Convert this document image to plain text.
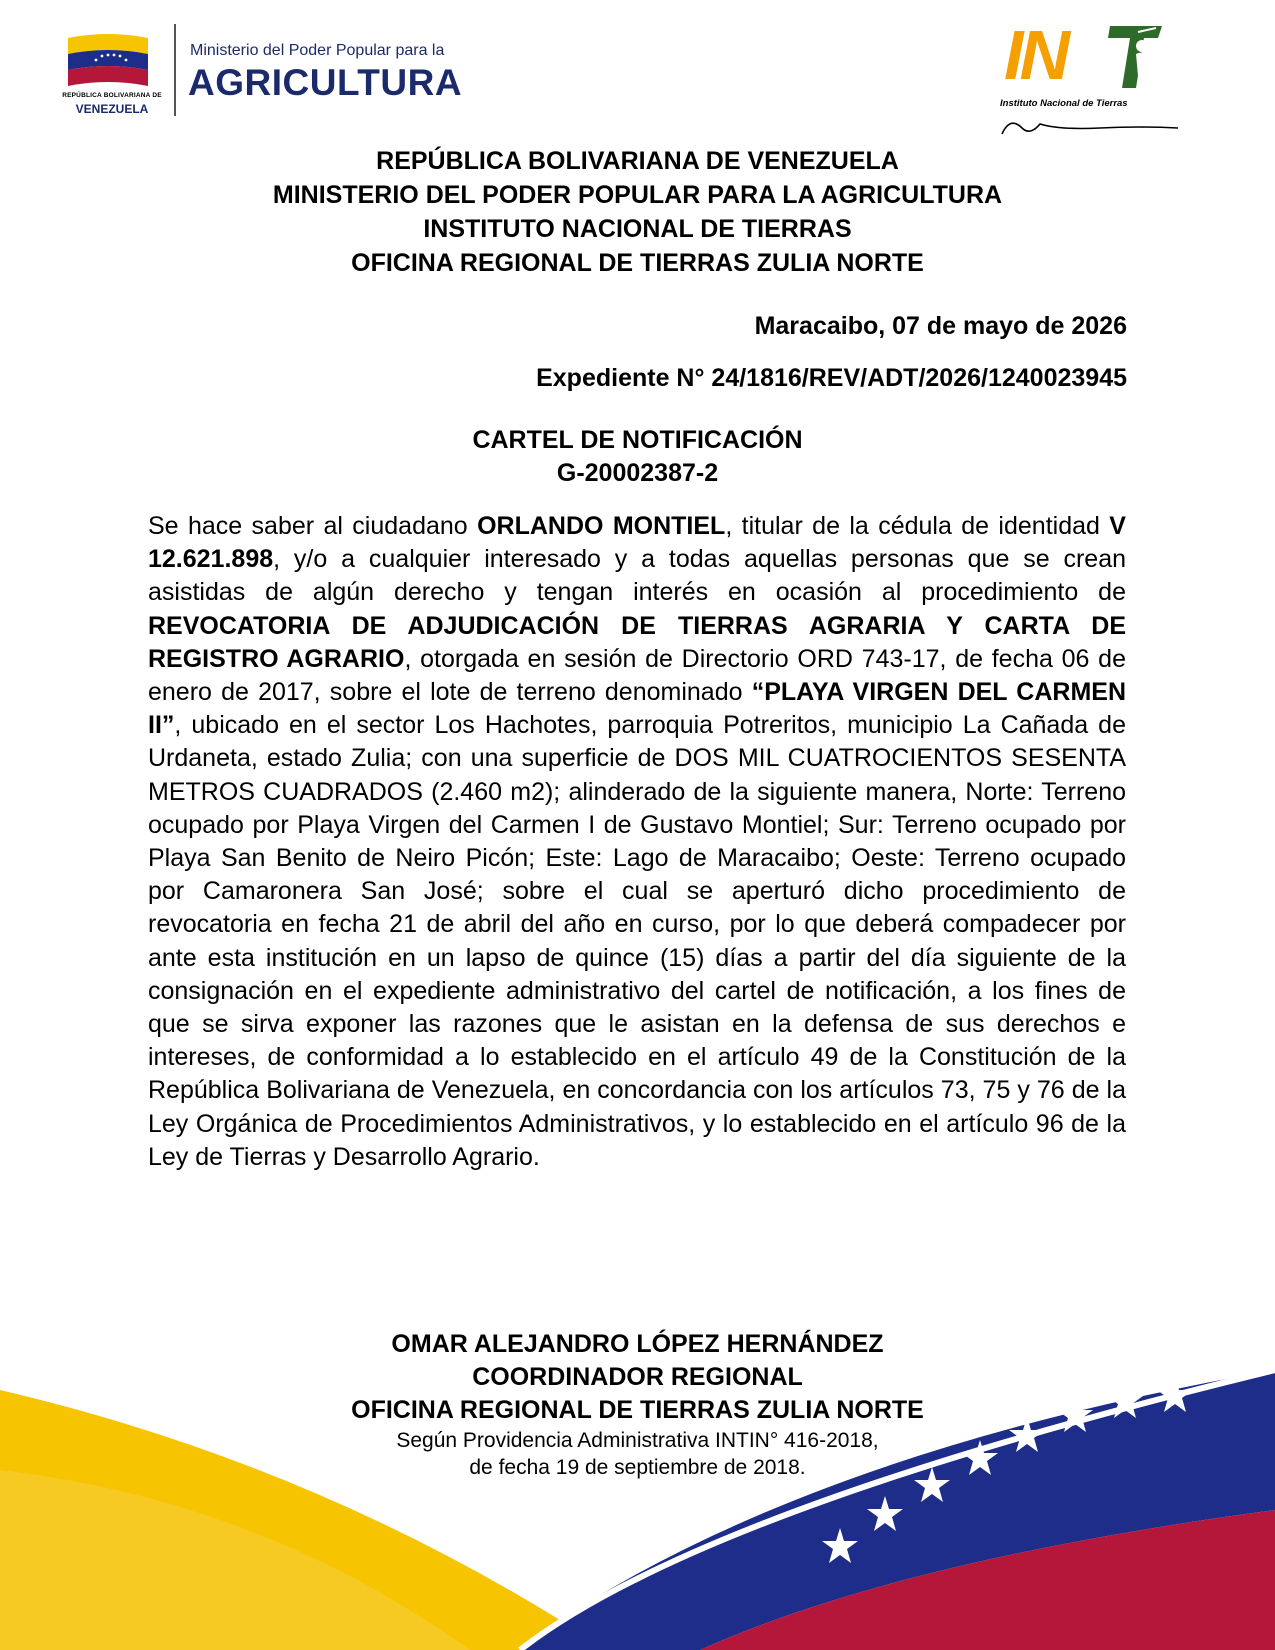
REPÚBLICA BOLIVARIANA DE
VENEZUELA
Ministerio del Poder Popular para la
AGRICULTURA	IN
Instituto Nacional de Tierras
REPÚBLICA BOLIVARIANA DE VENEZUELA
MINISTERIO DEL PODER POPULAR PARA LA AGRICULTURA
INSTITUTO NACIONAL DE TIERRAS
OFICINA REGIONAL DE TIERRAS ZULIA NORTE
Maracaibo, 07 de mayo de 2026
Expediente N° 24/1816/REV/ADT/2026/1240023945
CARTEL DE NOTIFICACIÓN
G-20002387-2
Se hace saber al ciudadano ORLANDO MONTIEL, titular de la cédula de identidad V 12.621.898, y/o a cualquier interesado y a todas aquellas personas que se crean asistidas de algún derecho y tengan interés en ocasión al procedimiento de REVOCATORIA DE ADJUDICACIÓN DE TIERRAS AGRARIA Y CARTA DE REGISTRO AGRARIO, otorgada en sesión de Directorio ORD 743-17, de fecha 06 de enero de 2017, sobre el lote de terreno denominado “PLAYA VIRGEN DEL CARMEN II”, ubicado en el sector Los Hachotes, parroquia Potreritos, municipio La Cañada de Urdaneta, estado Zulia; con una superficie de DOS MIL CUATROCIENTOS SESENTA METROS CUADRADOS (2.460 m2); alinderado de la siguiente manera, Norte: Terreno ocupado por Playa Virgen del Carmen I de Gustavo Montiel; Sur: Terreno ocupado por Playa San Benito de Neiro Picón; Este: Lago de Maracaibo; Oeste: Terreno ocupado por Camaronera San José; sobre el cual se aperturó dicho procedimiento de revocatoria en fecha 21 de abril del año en curso, por lo que deberá compadecer por ante esta institución en un lapso de quince (15) días a partir del día siguiente de la consignación en el expediente administrativo del cartel de notificación, a los fines de que se sirva exponer las razones que le asistan en la defensa de sus derechos e intereses, de conformidad a lo establecido en el artículo 49 de la Constitución de la República Bolivariana de Venezuela, en concordancia con los artículos 73, 75 y 76 de la Ley Orgánica de Procedimientos Administrativos, y lo establecido en el artículo 96 de la Ley de Tierras y Desarrollo Agrario.
OMAR ALEJANDRO LÓPEZ HERNÁNDEZ
COORDINADOR REGIONAL
OFICINA REGIONAL DE TIERRAS ZULIA NORTE
Según Providencia Administrativa INTIN° 416-2018,
de fecha 19 de septiembre de 2018.
